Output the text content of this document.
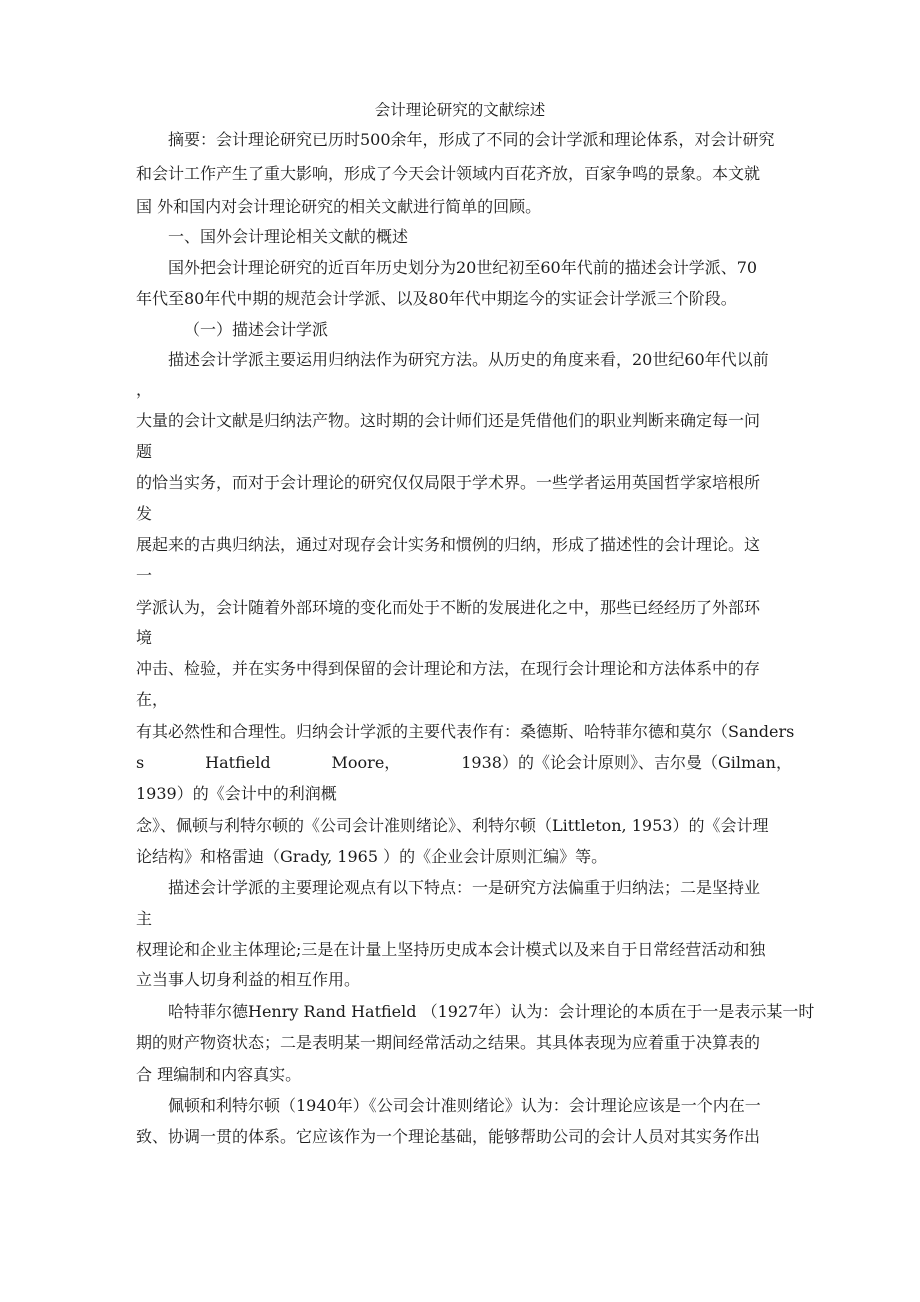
会计理论研究的文献综述

摘要：会计理论研究已历时500余年，形成了不同的会计学派和理论体系，对会计研究

和会计工作产生了重大影响，形成了今天会计领域内百花齐放，百家争鸣的景象。本文就

国 外和国内对会计理论研究的相关文献进行简单的回顾。

一、国外会计理论相关文献的概述

国外把会计理论研究的近百年历史划分为20世纪初至60年代前的描述会计学派、70

年代至80年代中期的规范会计学派、以及80年代中期迄今的实证会计学派三个阶段。

（一）描述会计学派

描述会计学派主要运用归纳法作为研究方法。从历史的角度来看，20世纪60年代以前

，

大量的会计文献是归纳法产物。这时期的会计师们还是凭借他们的职业判断来确定每一问

题

的恰当实务，而对于会计理论的研究仅仅局限于学术界。一些学者运用英国哲学家培根所

发

展起来的古典归纳法，通过对现存会计实务和惯例的归纳，形成了描述性的会计理论。这

一

学派认为，会计随着外部环境的变化而处于不断的发展进化之中，那些已经经历了外部环

境

冲击、检验，并在实务中得到保留的会计理论和方法，在现行会计理论和方法体系中的存

在，

有其必然性和合理性。归纳会计学派的主要代表作有：桑德斯、哈特菲尔德和莫尔（Sanders

s	Hatfield	Moore，	1938）的《论会计原则》、吉尔曼（Gilman，

1939）的《会计中的利润概

念》、佩顿与利特尔顿的《公司会计准则绪论》、利特尔顿（Littleton, 1953）的《会计理

论结构》和格雷迪（Grady, 1965 ）的《企业会计原则汇编》等。

描述会计学派的主要理论观点有以下特点：一是研究方法偏重于归纳法；二是坚持业

主

权理论和企业主体理论;三是在计量上坚持历史成本会计模式以及来自于日常经营活动和独

立当事人切身利益的相互作用。

哈特菲尔德Henry Rand Hatfield （1927年）认为：会计理论的本质在于一是表示某一时

期的财产物资状态；二是表明某一期间经常活动之结果。其具体表现为应着重于决算表的

合 理编制和内容真实。

佩顿和利特尔顿（1940年）《公司会计准则绪论》认为：会计理论应该是一个内在一

致、协调一贯的体系。它应该作为一个理论基础，能够帮助公司的会计人员对其实务作出
